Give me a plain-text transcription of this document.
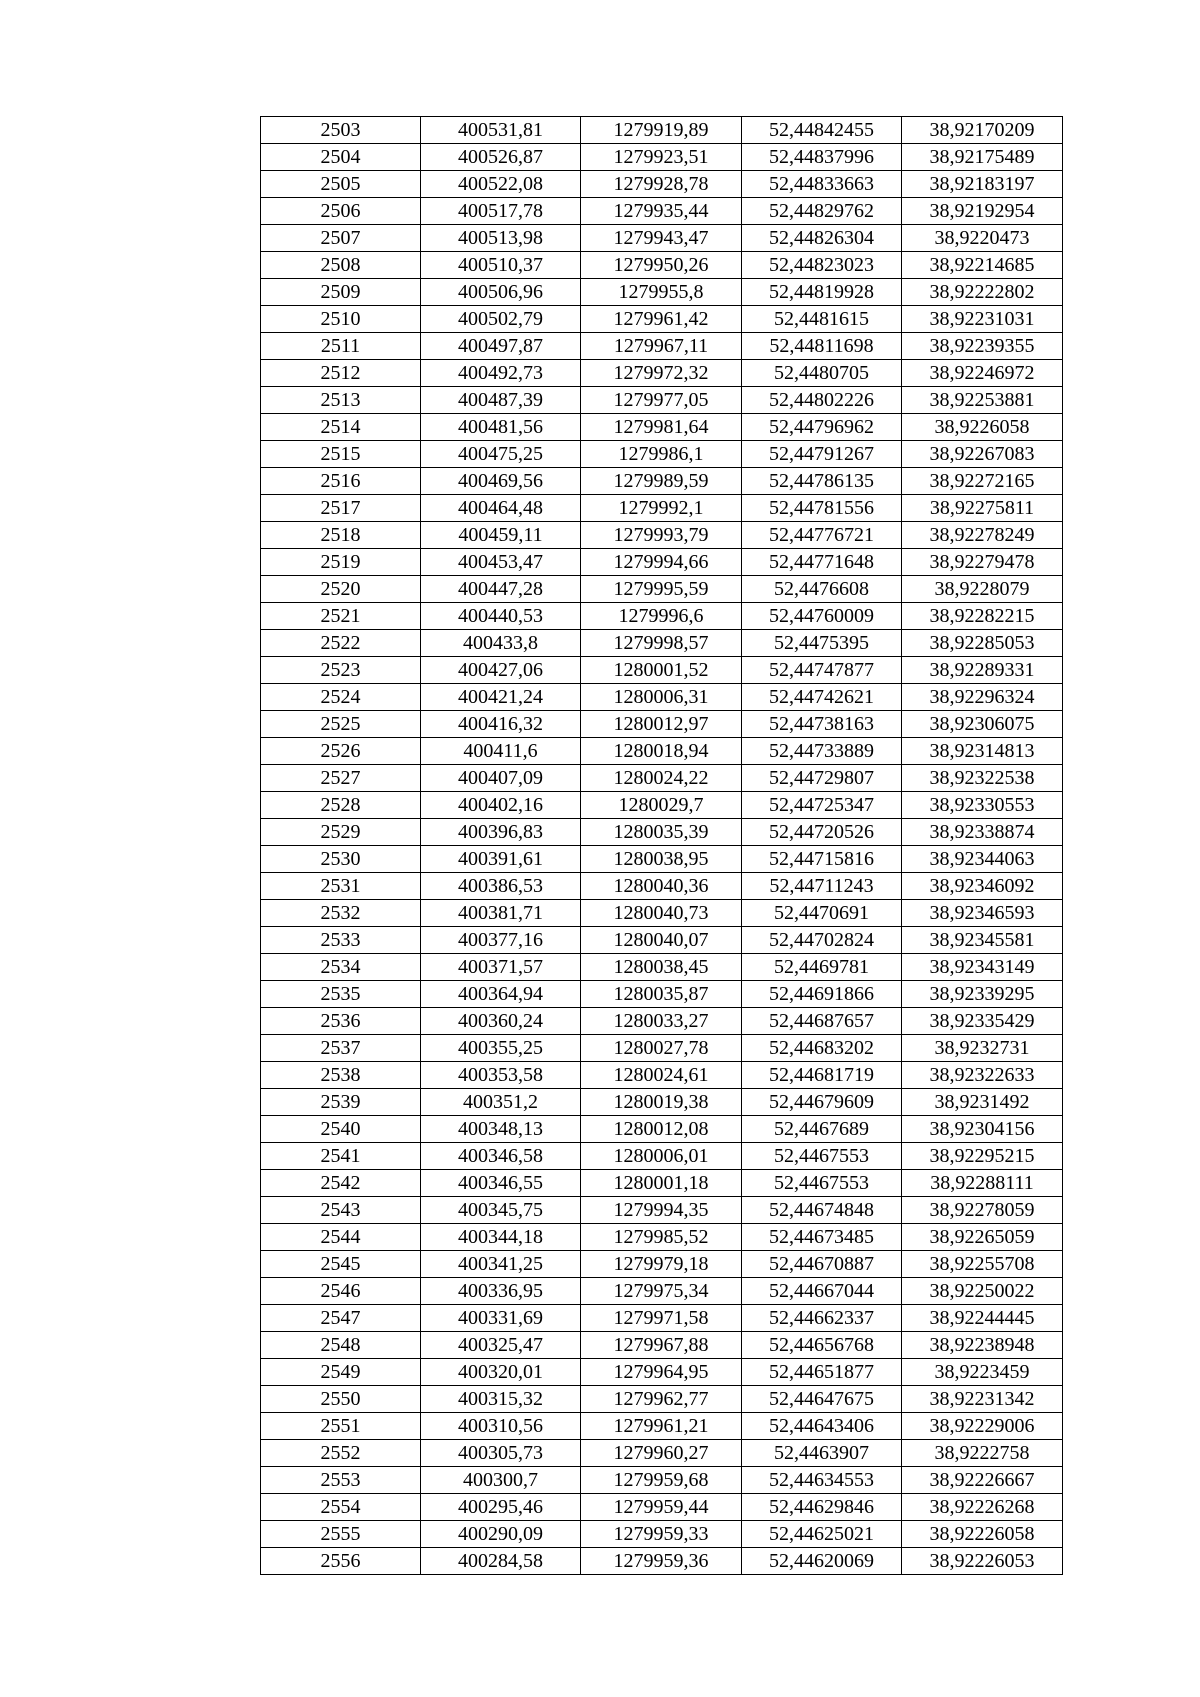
2503	400531,81	1279919,89	52,44842455	38,92170209
2504	400526,87	1279923,51	52,44837996	38,92175489
2505	400522,08	1279928,78	52,44833663	38,92183197
2506	400517,78	1279935,44	52,44829762	38,92192954
2507	400513,98	1279943,47	52,44826304	38,9220473
2508	400510,37	1279950,26	52,44823023	38,92214685
2509	400506,96	1279955,8	52,44819928	38,92222802
2510	400502,79	1279961,42	52,4481615	38,92231031
2511	400497,87	1279967,11	52,44811698	38,92239355
2512	400492,73	1279972,32	52,4480705	38,92246972
2513	400487,39	1279977,05	52,44802226	38,92253881
2514	400481,56	1279981,64	52,44796962	38,9226058
2515	400475,25	1279986,1	52,44791267	38,92267083
2516	400469,56	1279989,59	52,44786135	38,92272165
2517	400464,48	1279992,1	52,44781556	38,92275811
2518	400459,11	1279993,79	52,44776721	38,92278249
2519	400453,47	1279994,66	52,44771648	38,92279478
2520	400447,28	1279995,59	52,4476608	38,9228079
2521	400440,53	1279996,6	52,44760009	38,92282215
2522	400433,8	1279998,57	52,4475395	38,92285053
2523	400427,06	1280001,52	52,44747877	38,92289331
2524	400421,24	1280006,31	52,44742621	38,92296324
2525	400416,32	1280012,97	52,44738163	38,92306075
2526	400411,6	1280018,94	52,44733889	38,92314813
2527	400407,09	1280024,22	52,44729807	38,92322538
2528	400402,16	1280029,7	52,44725347	38,92330553
2529	400396,83	1280035,39	52,44720526	38,92338874
2530	400391,61	1280038,95	52,44715816	38,92344063
2531	400386,53	1280040,36	52,44711243	38,92346092
2532	400381,71	1280040,73	52,4470691	38,92346593
2533	400377,16	1280040,07	52,44702824	38,92345581
2534	400371,57	1280038,45	52,4469781	38,92343149
2535	400364,94	1280035,87	52,44691866	38,92339295
2536	400360,24	1280033,27	52,44687657	38,92335429
2537	400355,25	1280027,78	52,44683202	38,9232731
2538	400353,58	1280024,61	52,44681719	38,92322633
2539	400351,2	1280019,38	52,44679609	38,9231492
2540	400348,13	1280012,08	52,4467689	38,92304156
2541	400346,58	1280006,01	52,4467553	38,92295215
2542	400346,55	1280001,18	52,4467553	38,92288111
2543	400345,75	1279994,35	52,44674848	38,92278059
2544	400344,18	1279985,52	52,44673485	38,92265059
2545	400341,25	1279979,18	52,44670887	38,92255708
2546	400336,95	1279975,34	52,44667044	38,92250022
2547	400331,69	1279971,58	52,44662337	38,92244445
2548	400325,47	1279967,88	52,44656768	38,92238948
2549	400320,01	1279964,95	52,44651877	38,9223459
2550	400315,32	1279962,77	52,44647675	38,92231342
2551	400310,56	1279961,21	52,44643406	38,92229006
2552	400305,73	1279960,27	52,4463907	38,9222758
2553	400300,7	1279959,68	52,44634553	38,92226667
2554	400295,46	1279959,44	52,44629846	38,92226268
2555	400290,09	1279959,33	52,44625021	38,92226058
2556	400284,58	1279959,36	52,44620069	38,92226053
